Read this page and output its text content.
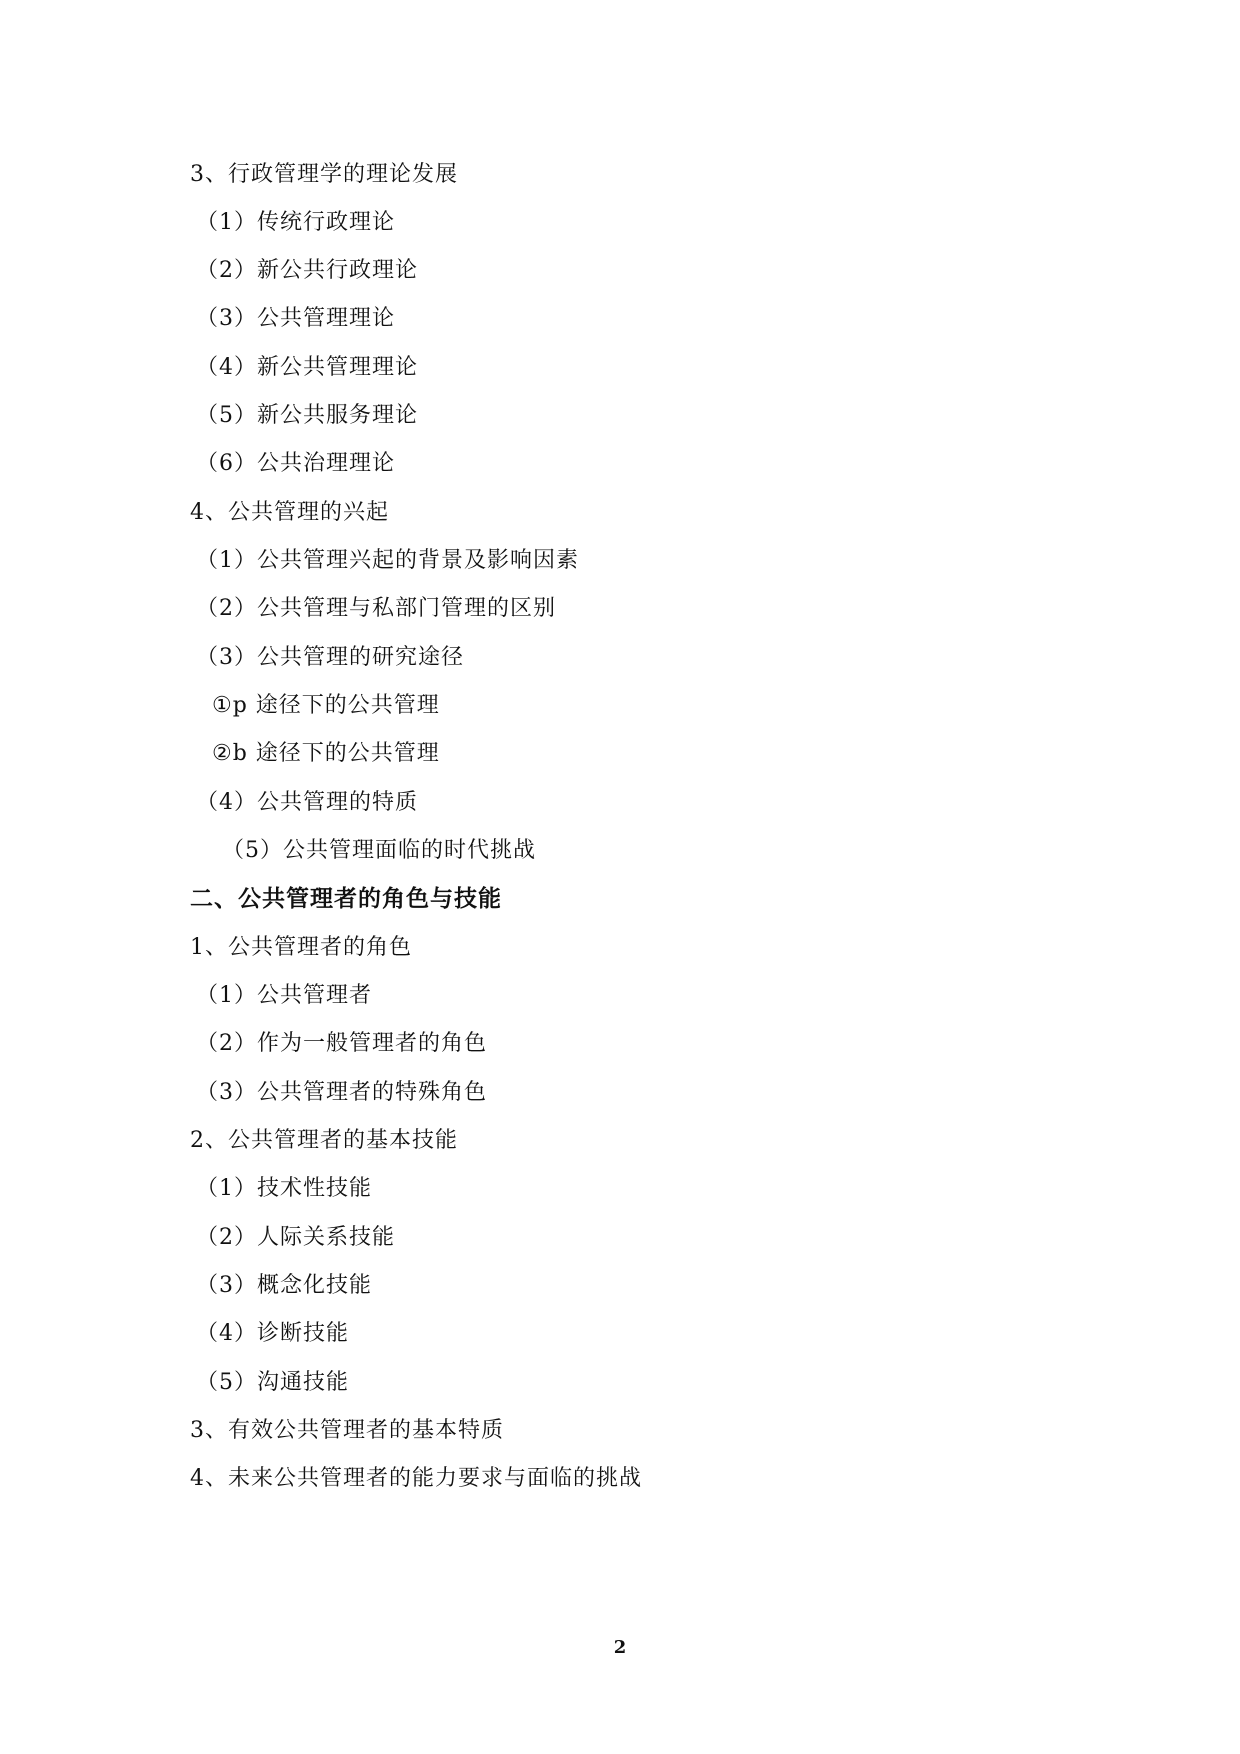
3、行政管理学的理论发展
（1）传统行政理论
（2）新公共行政理论
（3）公共管理理论
（4）新公共管理理论
（5）新公共服务理论
（6）公共治理理论
4、公共管理的兴起
（1）公共管理兴起的背景及影响因素
（2）公共管理与私部门管理的区别
（3）公共管理的研究途径
①p 途径下的公共管理
②b 途径下的公共管理
（4）公共管理的特质
（5）公共管理面临的时代挑战
二、公共管理者的角色与技能
1、公共管理者的角色
（1）公共管理者
（2）作为一般管理者的角色
（3）公共管理者的特殊角色
2、公共管理者的基本技能
（1）技术性技能
（2）人际关系技能
（3）概念化技能
（4）诊断技能
（5）沟通技能
3、有效公共管理者的基本特质
4、未来公共管理者的能力要求与面临的挑战
2
